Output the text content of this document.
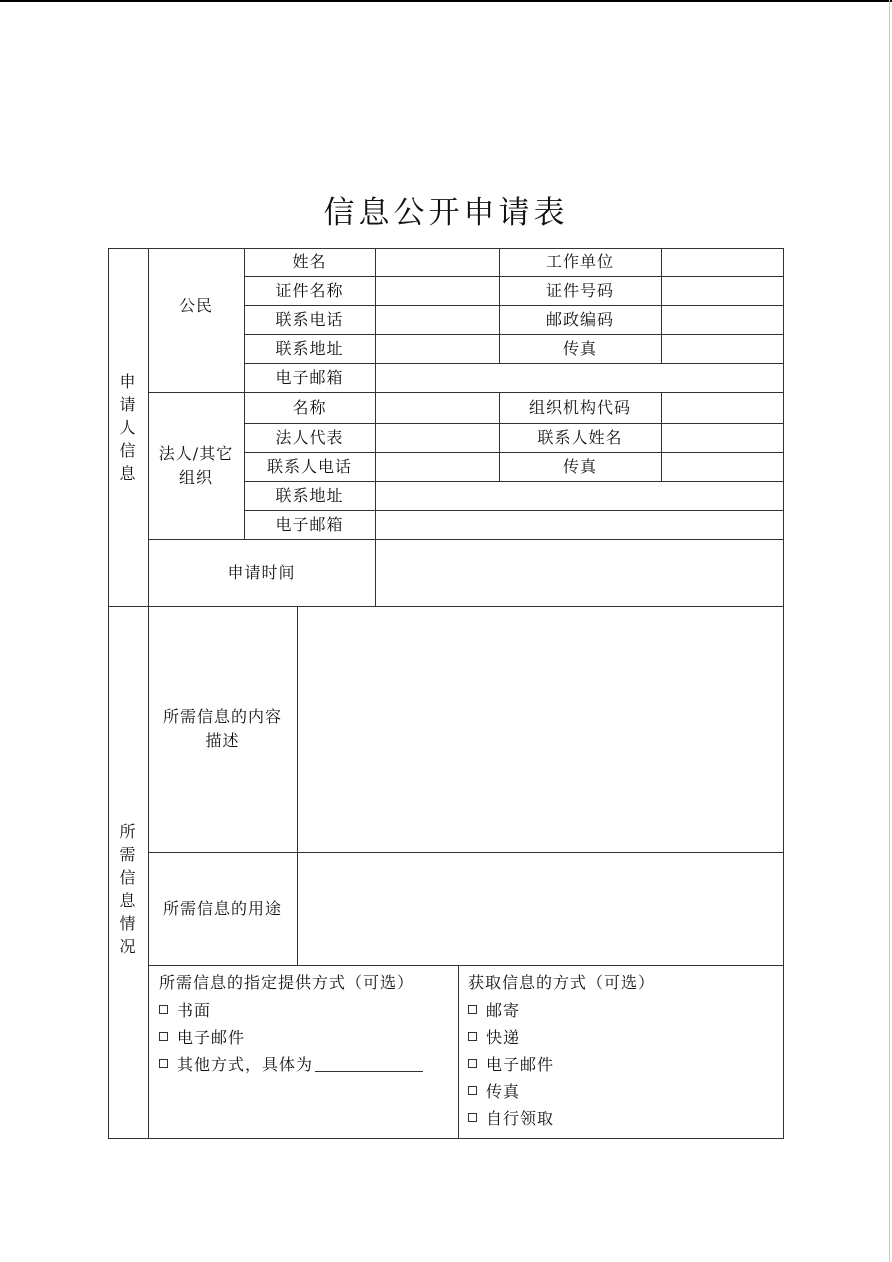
信息公开申请表
申
请
人
信
息
公民
姓名	工作单位
证件名称	证件号码
联系电话	邮政编码
联系地址	传真
电子邮箱
法人/其它
组织
名称	组织机构代码
法人代表	联系人姓名
联系人电话	传真
联系地址
电子邮箱
申请时间
所
需
信
息
情
况
所需信息的内容
描述
所需信息的用途
所需信息的指定提供方式（可选）
书面
电子邮件
其他方式，具体为
获取信息的方式（可选）
邮寄
快递
电子邮件
传真
自行领取
